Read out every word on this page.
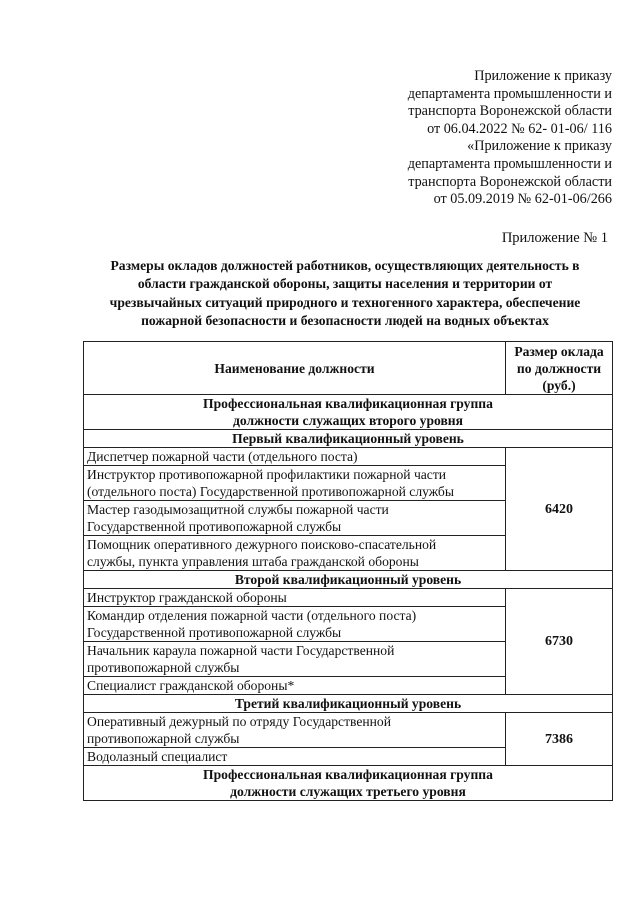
Приложение к приказу
департамента промышленности и
транспорта Воронежской области
от 06.04.2022 № 62- 01-06/ 116
«Приложение к приказу
департамента промышленности и
транспорта Воронежской области
от 05.09.2019 № 62-01-06/266
Приложение № 1
Размеры окладов должностей работников, осуществляющих деятельность в
области гражданской обороны, защиты населения и территории от
чрезвычайных ситуаций природного и техногенного характера, обеспечение
пожарной безопасности и безопасности людей на водных объектах
Наименование должности	Размер оклада
по должности
(руб.)

Профессиональная квалификационная группа
должности служащих второго уровня	

Первый квалификационный уровень	

Диспетчер пожарной части (отдельного поста)	6420

Инструктор противопожарной профилактики пожарной части
(отдельного поста) Государственной противопожарной службы	

Мастер газодымозащитной службы пожарной части
Государственной противопожарной службы	

Помощник оперативного дежурного поисково-спасательной
службы, пункта управления штаба гражданской обороны	

Второй квалификационный уровень	

Инструктор гражданской обороны	6730

Командир отделения пожарной части (отдельного поста)
Государственной противопожарной службы	

Начальник караула пожарной части Государственной
противопожарной службы	

Специалист гражданской обороны*	

Третий квалификационный уровень	

Оперативный дежурный по отряду Государственной
противопожарной службы	7386

Водолазный специалист	

Профессиональная квалификационная группа
должности служащих третьего уровня	
